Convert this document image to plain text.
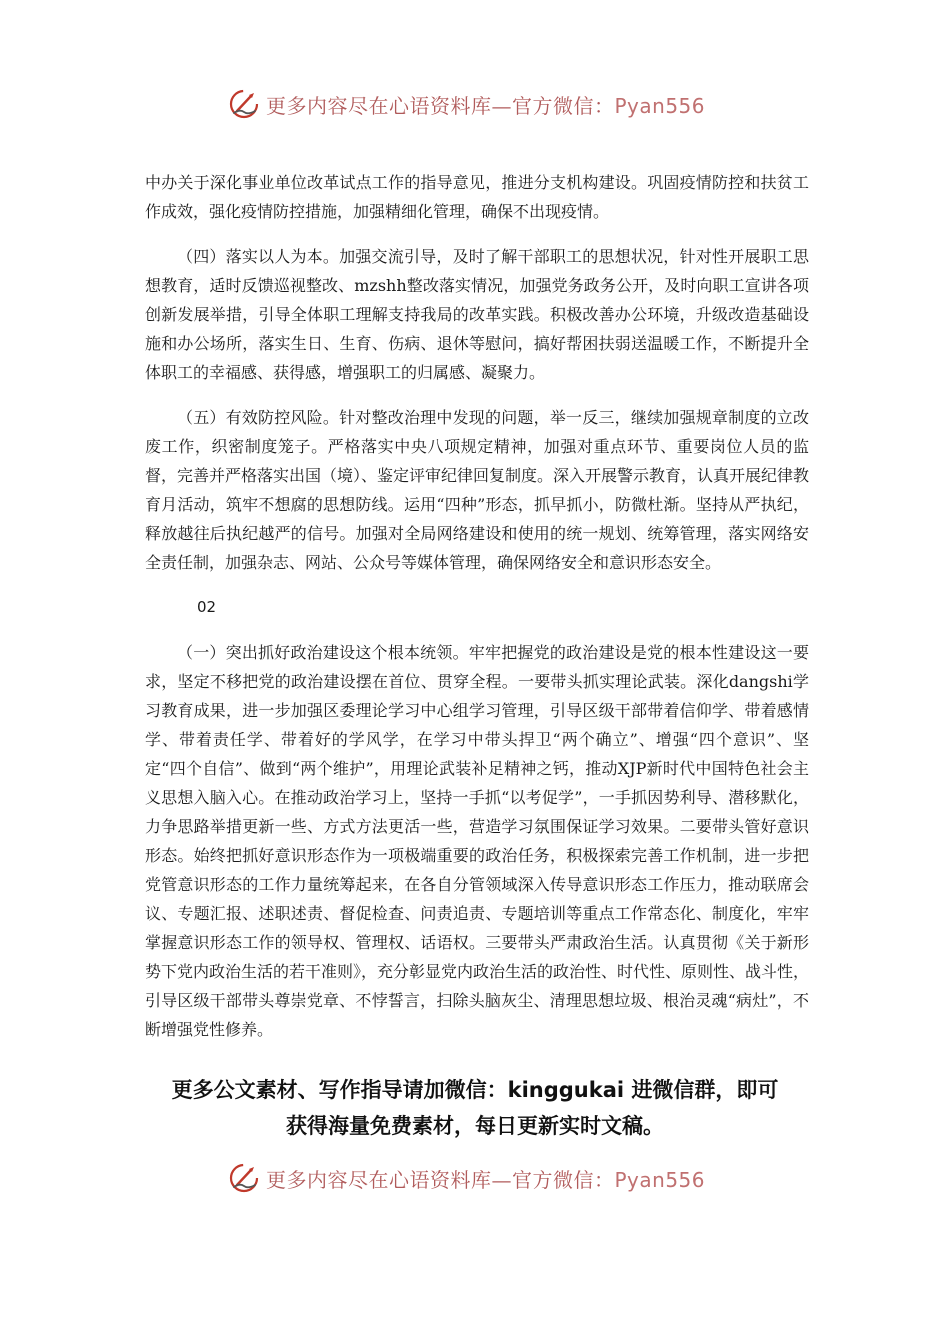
更多内容尽在心语资料库—官方微信：Pyan556

中办关于深化事业单位改革试点工作的指导意见，推进分支机构建设。巩固疫情防控和扶贫工作成效，强化疫情防控措施，加强精细化管理，确保不出现疫情。

（四）落实以人为本。加强交流引导，及时了解干部职工的思想状况，针对性开展职工思想教育，适时反馈巡视整改、mzshh整改落实情况，加强党务政务公开，及时向职工宣讲各项创新发展举措，引导全体职工理解支持我局的改革实践。积极改善办公环境，升级改造基础设施和办公场所，落实生日、生育、伤病、退休等慰问，搞好帮困扶弱送温暖工作，不断提升全体职工的幸福感、获得感，增强职工的归属感、凝聚力。

（五）有效防控风险。针对整改治理中发现的问题，举一反三，继续加强规章制度的立改废工作，织密制度笼子。严格落实中央八项规定精神，加强对重点环节、重要岗位人员的监督，完善并严格落实出国（境）、鉴定评审纪律回复制度。深入开展警示教育，认真开展纪律教育月活动，筑牢不想腐的思想防线。运用“四种”形态，抓早抓小，防微杜渐。坚持从严执纪，释放越往后执纪越严的信号。加强对全局网络建设和使用的统一规划、统筹管理，落实网络安全责任制，加强杂志、网站、公众号等媒体管理，确保网络安全和意识形态安全。

02

（一）突出抓好政治建设这个根本统领。牢牢把握党的政治建设是党的根本性建设这一要求，坚定不移把党的政治建设摆在首位、贯穿全程。一要带头抓实理论武装。深化dangshi学习教育成果，进一步加强区委理论学习中心组学习管理，引导区级干部带着信仰学、带着感情学、带着责任学、带着好的学风学，在学习中带头捍卫“两个确立”、增强“四个意识”、坚定“四个自信”、做到“两个维护”，用理论武装补足精神之钙，推动XJP新时代中国特色社会主义思想入脑入心。在推动政治学习上，坚持一手抓“以考促学”，一手抓因势利导、潜移默化，力争思路举措更新一些、方式方法更活一些，营造学习氛围保证学习效果。二要带头管好意识形态。始终把抓好意识形态作为一项极端重要的政治任务，积极探索完善工作机制，进一步把党管意识形态的工作力量统筹起来，在各自分管领域深入传导意识形态工作压力，推动联席会议、专题汇报、述职述责、督促检查、问责追责、专题培训等重点工作常态化、制度化，牢牢掌握意识形态工作的领导权、管理权、话语权。三要带头严肃政治生活。认真贯彻《关于新形势下党内政治生活的若干准则》，充分彰显党内政治生活的政治性、时代性、原则性、战斗性，引导区级干部带头尊崇党章、不悖誓言，扫除头脑灰尘、清理思想垃圾、根治灵魂“病灶”，不断增强党性修养。

更多公文素材、写作指导请加微信：kinggukai 进微信群，即可
获得海量免费素材，每日更新实时文稿。
更多内容尽在心语资料库—官方微信：Pyan556
